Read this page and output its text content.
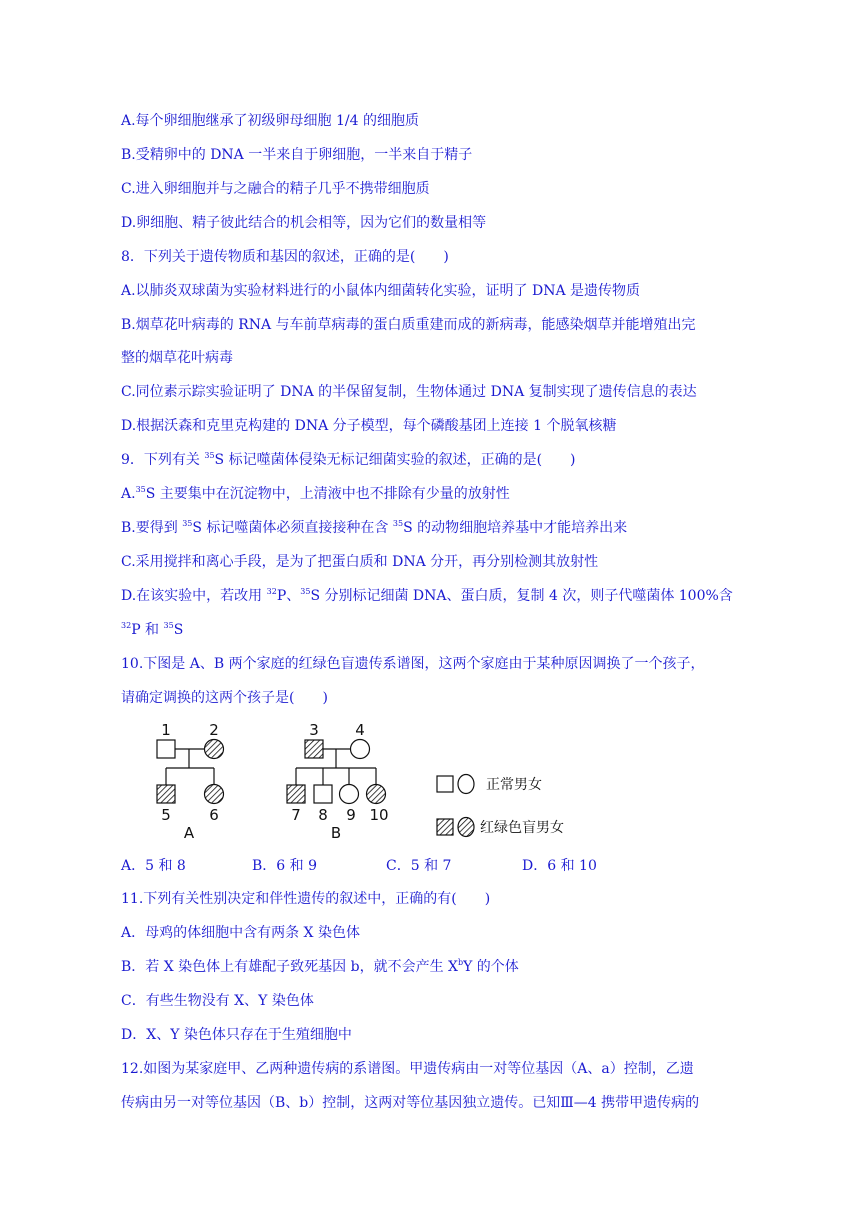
A.每个卵细胞继承了初级卵母细胞 1/4 的细胞质
B.受精卵中的 DNA 一半来自于卵细胞，一半来自于精子
C.进入卵细胞并与之融合的精子几乎不携带细胞质
D.卵细胞、精子彼此结合的机会相等，因为它们的数量相等
8．下列关于遗传物质和基因的叙述，正确的是(　　)
A.以肺炎双球菌为实验材料进行的小鼠体内细菌转化实验，证明了 DNA 是遗传物质
B.烟草花叶病毒的 RNA 与车前草病毒的蛋白质重建而成的新病毒，能感染烟草并能增殖出完
整的烟草花叶病毒
C.同位素示踪实验证明了 DNA 的半保留复制，生物体通过 DNA 复制实现了遗传信息的表达
D.根据沃森和克里克构建的 DNA 分子模型，每个磷酸基团上连接 1 个脱氧核糖
9．下列有关 $^{35}$S 标记噬菌体侵染无标记细菌实验的叙述，正确的是(　　)
A.$^{35}$S 主要集中在沉淀物中，上清液中也不排除有少量的放射性
B.要得到 $^{35}$S 标记噬菌体必须直接接种在含 $^{35}$S 的动物细胞培养基中才能培养出来
C.采用搅拌和离心手段，是为了把蛋白质和 DNA 分开，再分别检测其放射性
D.在该实验中，若改用 $^{32}$P、$^{35}$S 分别标记细菌 DNA、蛋白质，复制 4 次，则子代噬菌体 100%含
$^{32}$P 和 $^{35}$S
10.下图是 A、B 两个家庭的红绿色盲遗传系谱图，这两个家庭由于某种原因调换了一个孩子，
请确定调换的这两个孩子是(　　)
1	2	3 4
5	6	7 8 9 10
A	B
正常男女
红绿色盲男女
A．5 和 8	B．6 和 9	C．5 和 7	D．6 和 10
11.下列有关性别决定和伴性遗传的叙述中，正确的有(　　)
A．母鸡的体细胞中含有两条 X 染色体
B．若 X 染色体上有雄配子致死基因 b，就不会产生 $X^bY$ 的个体
C．有些生物没有 X、Y 染色体
D．X、Y 染色体只存在于生殖细胞中
12.如图为某家庭甲、乙两种遗传病的系谱图。甲遗传病由一对等位基因（A、a）控制，乙遗
传病由另一对等位基因（B、b）控制，这两对等位基因独立遗传。已知Ⅲ—4 携带甲遗传病的
